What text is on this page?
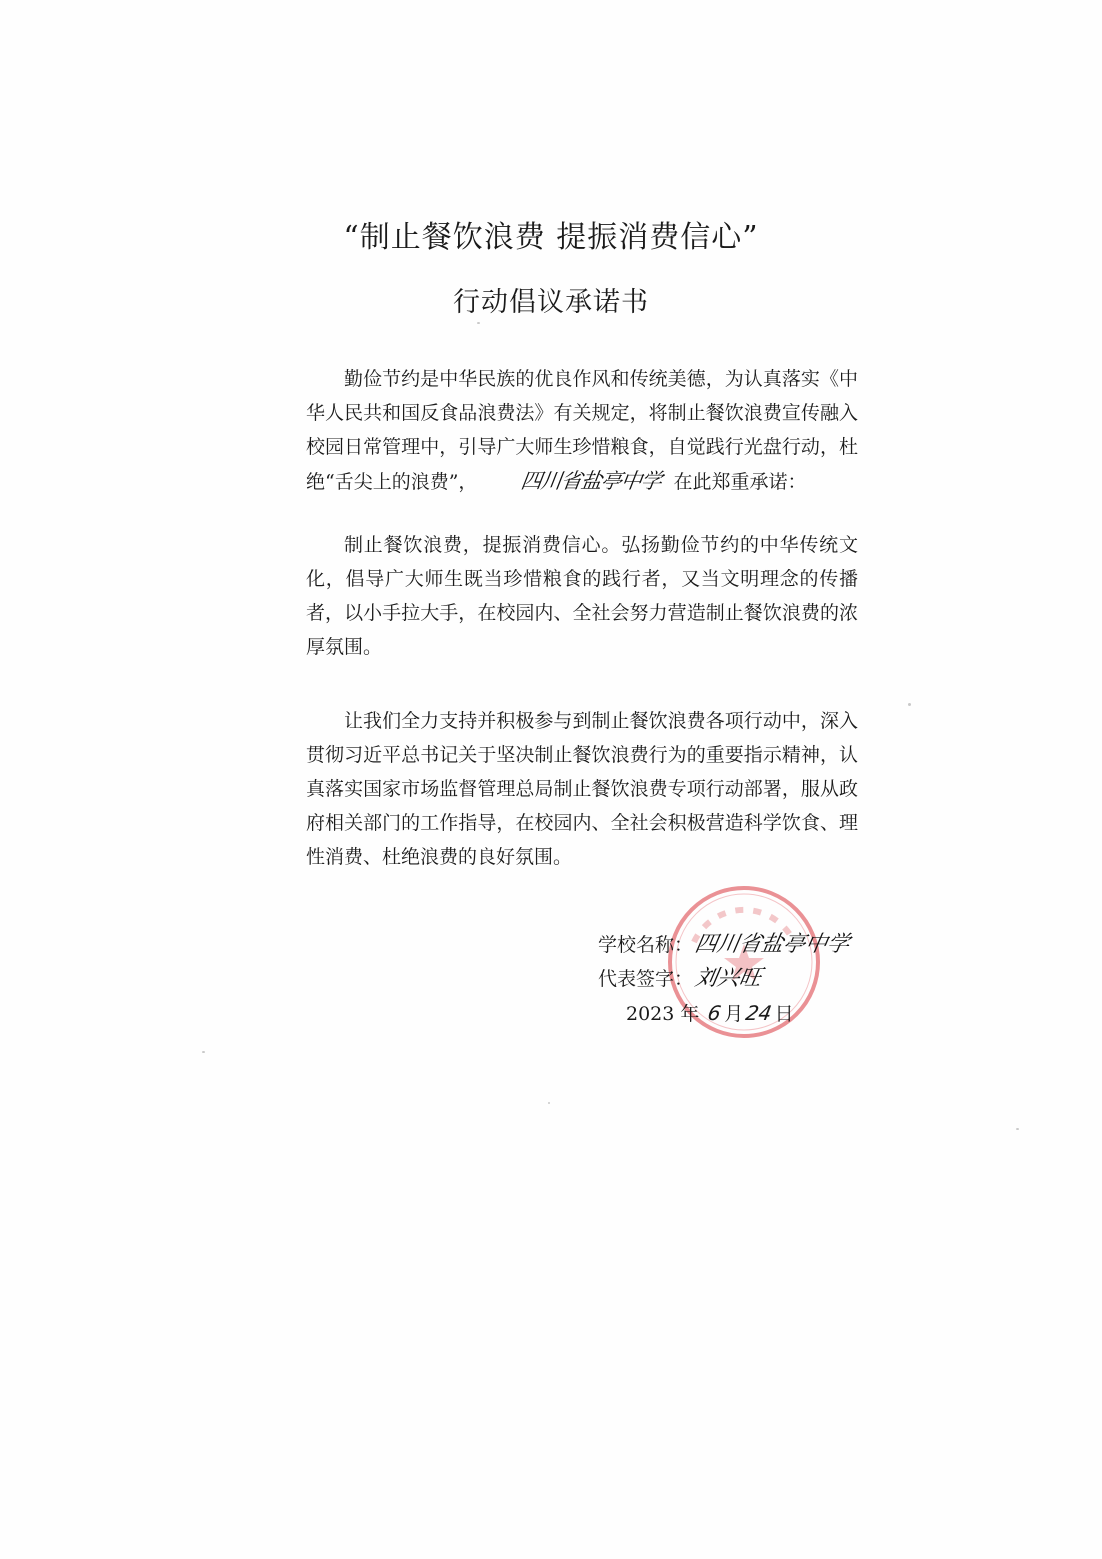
“制止餐饮浪费 提振消费信心”
行动倡议承诺书
勤俭节约是中华民族的优良作风和传统美德，为认真落实《中华人民共和国反食品浪费法》有关规定，将制止餐饮浪费宣传融入校园日常管理中，引导广大师生珍惜粮食，自觉践行光盘行动，杜绝“舌尖上的浪费”， 四川省盐亭中学 在此郑重承诺：
制止餐饮浪费，提振消费信心。弘扬勤俭节约的中华传统文化，倡导广大师生既当珍惜粮食的践行者，又当文明理念的传播者，以小手拉大手，在校园内、全社会努力营造制止餐饮浪费的浓厚氛围。
让我们全力支持并积极参与到制止餐饮浪费各项行动中，深入贯彻习近平总书记关于坚决制止餐饮浪费行为的重要指示精神，认真落实国家市场监督管理总局制止餐饮浪费专项行动部署，服从政府相关部门的工作指导，在校园内、全社会积极营造科学饮食、理性消费、杜绝浪费的良好氛围。
学校名称：四川省盐亭中学
代表签字：刘兴旺
2023 年 6月24日
